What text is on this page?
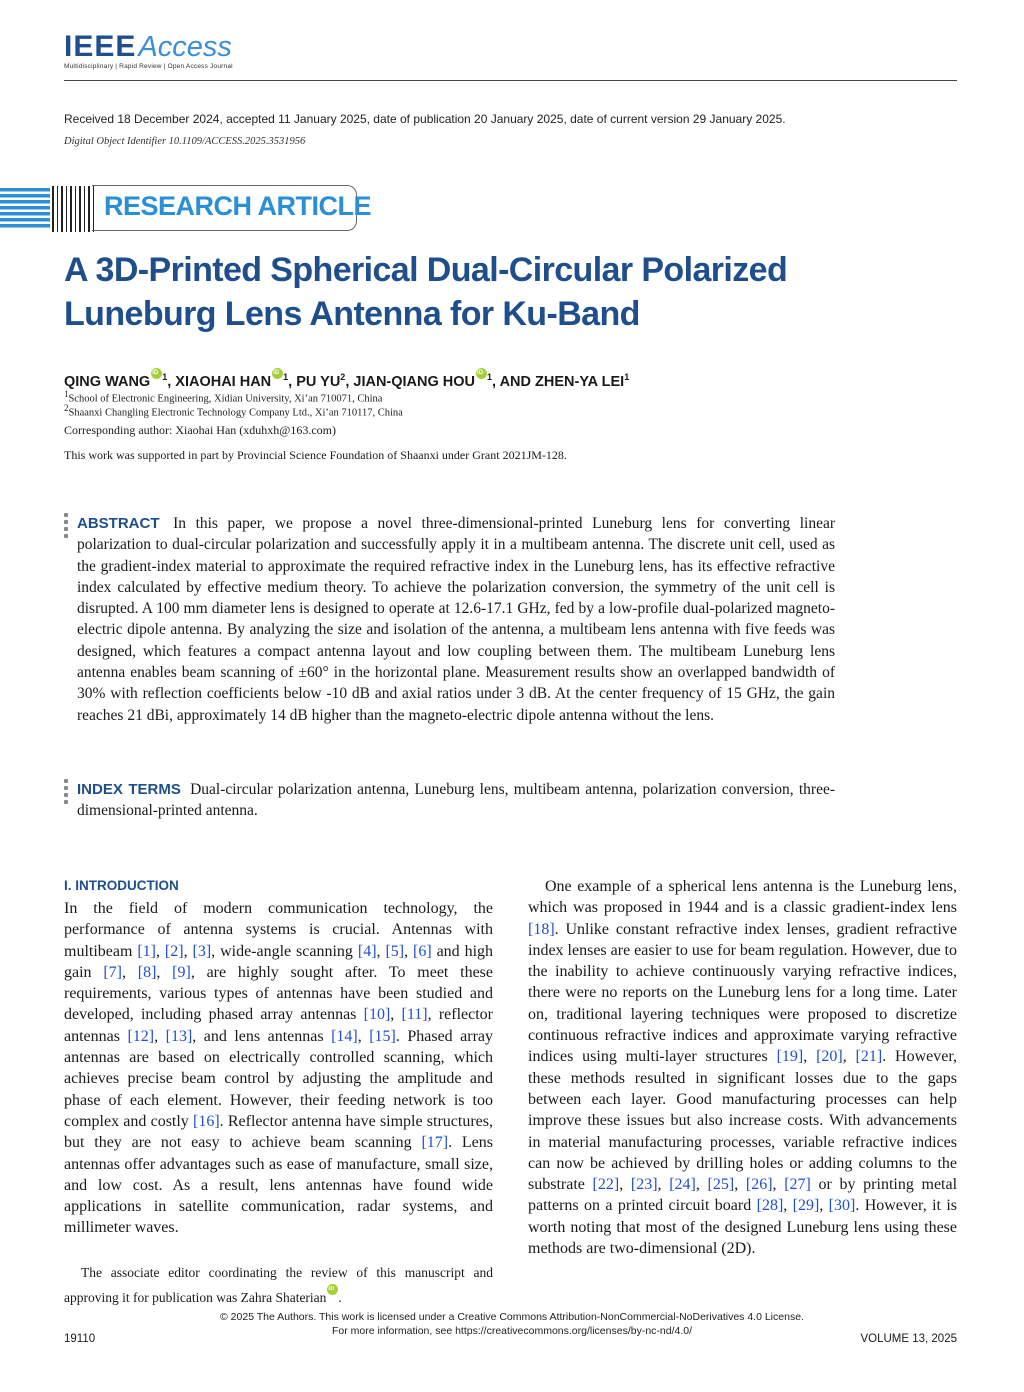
IEEEAccess
Multidisciplinary | Rapid Review | Open Access Journal
Received 18 December 2024, accepted 11 January 2025, date of publication 20 January 2025, date of current version 29 January 2025.
Digital Object Identifier 10.1109/ACCESS.2025.3531956
RESEARCH ARTICLE
A 3D-Printed Spherical Dual-Circular Polarized Luneburg Lens Antenna for Ku-Band
QING WANG iD $^1$, XIAOHAI HAN iD $^1$, PU $YU^2$, JIAN-QIANG HOU iD $^1$, AND ZHEN-YA LEI$^1$
$^1$School of Electronic Engineering, Xidian University, Xi’an 710071, China
$^2$Shaanxi Changling Electronic Technology Company Ltd., Xi’an 710117, China
Corresponding author: Xiaohai Han (xduhxh@163.com)
This work was supported in part by Provincial Science Foundation of Shaanxi under Grant 2021JM-128.
ABSTRACT In this paper, we propose a novel three-dimensional-printed Luneburg lens for converting linear polarization to dual-circular polarization and successfully apply it in a multibeam antenna. The discrete unit cell, used as the gradient-index material to approximate the required refractive index in the Luneburg lens, has its effective refractive index calculated by effective medium theory. To achieve the polarization conversion, the symmetry of the unit cell is disrupted. A 100 mm diameter lens is designed to operate at 12.6-17.1 GHz, fed by a low-profile dual-polarized magneto-electric dipole antenna. By analyzing the size and isolation of the antenna, a multibeam lens antenna with five feeds was designed, which features a compact antenna layout and low coupling between them. The multibeam Luneburg lens antenna enables beam scanning of ±60° in the horizontal plane. Measurement results show an overlapped bandwidth of 30% with reflection coefficients below -10 dB and axial ratios under 3 dB. At the center frequency of 15 GHz, the gain reaches 21 dBi, approximately 14 dB higher than the magneto-electric dipole antenna without the lens.
INDEX TERMS Dual-circular polarization antenna, Luneburg lens, multibeam antenna, polarization conversion, three-dimensional-printed antenna.
I. INTRODUCTION

In the field of modern communication technology, the performance of antenna systems is crucial. Antennas with multibeam [1], [2], [3], wide-angle scanning [4], [5], [6] and high gain [7], [8], [9], are highly sought after. To meet these requirements, various types of antennas have been studied and developed, including phased array antennas [10], [11], reflector antennas [12], [13], and lens antennas [14], [15]. Phased array antennas are based on electrically controlled scanning, which achieves precise beam control by adjusting the amplitude and phase of each element. However, their feeding network is too complex and costly [16]. Reflector antenna have simple structures, but they are not easy to achieve beam scanning [17]. Lens antennas offer advantages such as ease of manufacture, small size, and low cost. As a result, lens antennas have found wide applications in satellite communication, radar systems, and millimeter waves.

One example of a spherical lens antenna is the Luneburg lens, which was proposed in 1944 and is a classic gradient-index lens [18]. Unlike constant refractive index lenses, gradient refractive index lenses are easier to use for beam regulation. However, due to the inability to achieve continuously varying refractive indices, there were no reports on the Luneburg lens for a long time. Later on, traditional layering techniques were proposed to discretize continuous refractive indices and approximate varying refractive indices using multi-layer structures [19], [20], [21]. However, these methods resulted in significant losses due to the gaps between each layer. Good manufacturing processes can help improve these issues but also increase costs. With advancements in material manufacturing processes, variable refractive indices can now be achieved by drilling holes or adding columns to the substrate [22], [23], [24], [25], [26], [27] or by printing metal patterns on a printed circuit board [28], [29], [30]. However, it is worth noting that most of the designed Luneburg lens using these methods are two-dimensional (2D).

The associate editor coordinating the review of this manuscript and approving it for publication was Zahra ShaterianiD .
© 2025 The Authors. This work is licensed under a Creative Commons Attribution-NonCommercial-NoDerivatives 4.0 License.
For more information, see https://creativecommons.org/licenses/by-nc-nd/4.0/
19110	VOLUME 13, 2025
